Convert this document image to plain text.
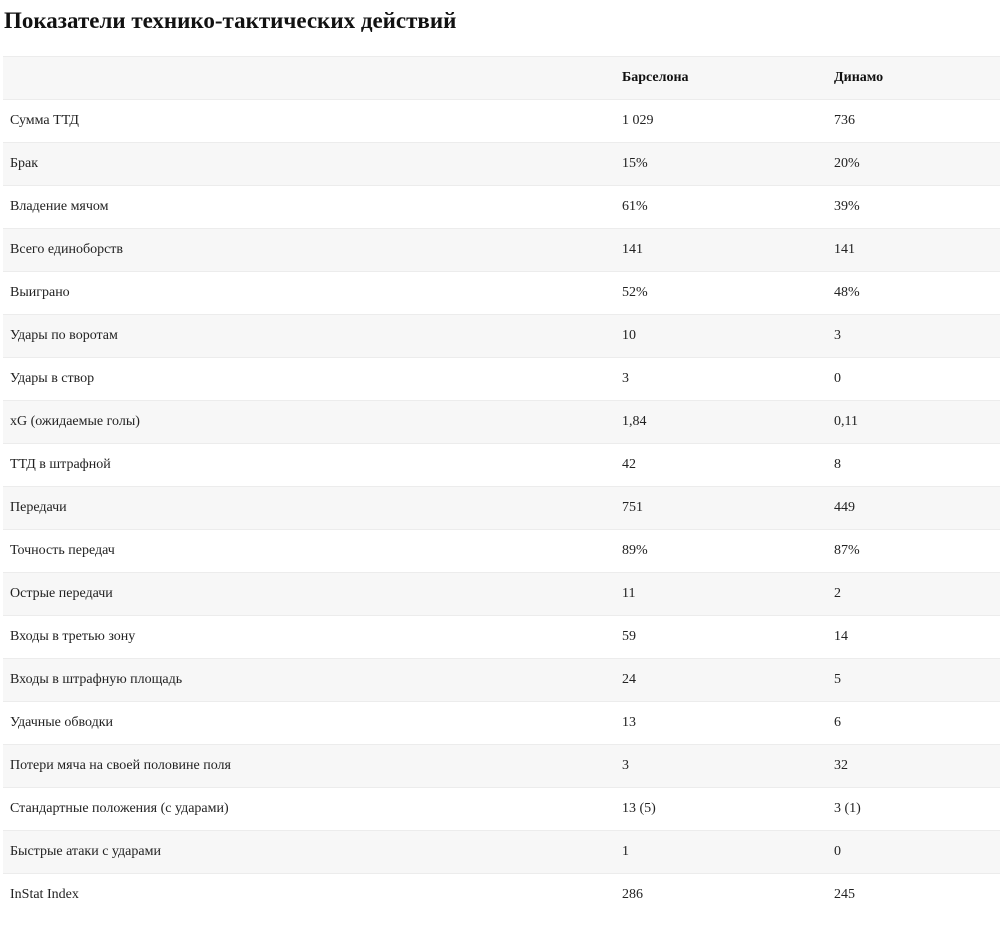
Показатели технико-тактических действий
	Барселона	Динамо
Сумма ТТД	1 029	736
Брак	15%	20%
Владение мячом	61%	39%
Всего единоборств	141	141
Выиграно	52%	48%
Удары по воротам	10	3
Удары в створ	3	0
xG (ожидаемые голы)	1,84	0,11
ТТД в штрафной	42	8
Передачи	751	449
Точность передач	89%	87%
Острые передачи	11	2
Входы в третью зону	59	14
Входы в штрафную площадь	24	5
Удачные обводки	13	6
Потери мяча на своей половине поля	3	32
Стандартные положения (с ударами)	13 (5)	3 (1)
Быстрые атаки с ударами	1	0
InStat Index	286	245
